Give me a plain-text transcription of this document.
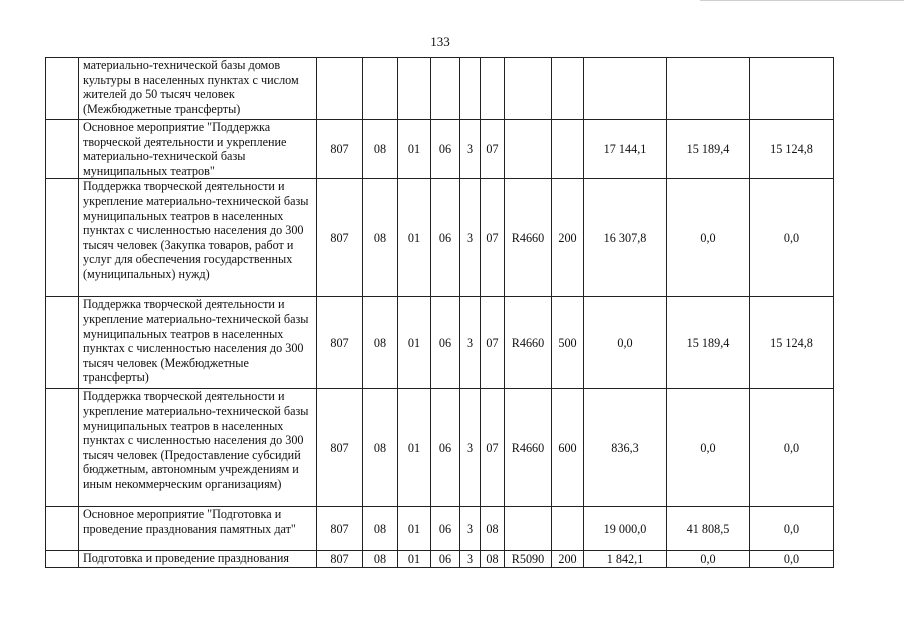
133
	материально-технической базы домов культуры в населенных пунктах с числом жителей до 50 тысяч человек (Межбюджетные трансферты)											
	Основное мероприятие "Поддержка творческой деятельности и укрепление материально-технической базы муниципальных театров"	807	08	01	06	3	07			17 144,1	15 189,4	15 124,8
	Поддержка творческой деятельности и укрепление материально-технической базы муниципальных театров в населенных пунктах с численностью населения до 300 тысяч человек (Закупка товаров, работ и услуг для обеспечения государственных (муниципальных) нужд)	807	08	01	06	3	07	R4660	200	16 307,8	0,0	0,0
	Поддержка творческой деятельности и укрепление материально-технической базы муниципальных театров в населенных пунктах с численностью населения до 300 тысяч человек (Межбюджетные трансферты)	807	08	01	06	3	07	R4660	500	0,0	15 189,4	15 124,8
	Поддержка творческой деятельности и укрепление материально-технической базы муниципальных театров в населенных пунктах с численностью населения до 300 тысяч человек (Предоставление субсидий бюджетным, автономным учреждениям и иным некоммерческим организациям)	807	08	01	06	3	07	R4660	600	836,3	0,0	0,0
	Основное мероприятие "Подготовка и проведение празднования памятных дат"	807	08	01	06	3	08			19 000,0	41 808,5	0,0
	Подготовка и проведение празднования	807	08	01	06	3	08	R5090	200	1 842,1	0,0	0,0
